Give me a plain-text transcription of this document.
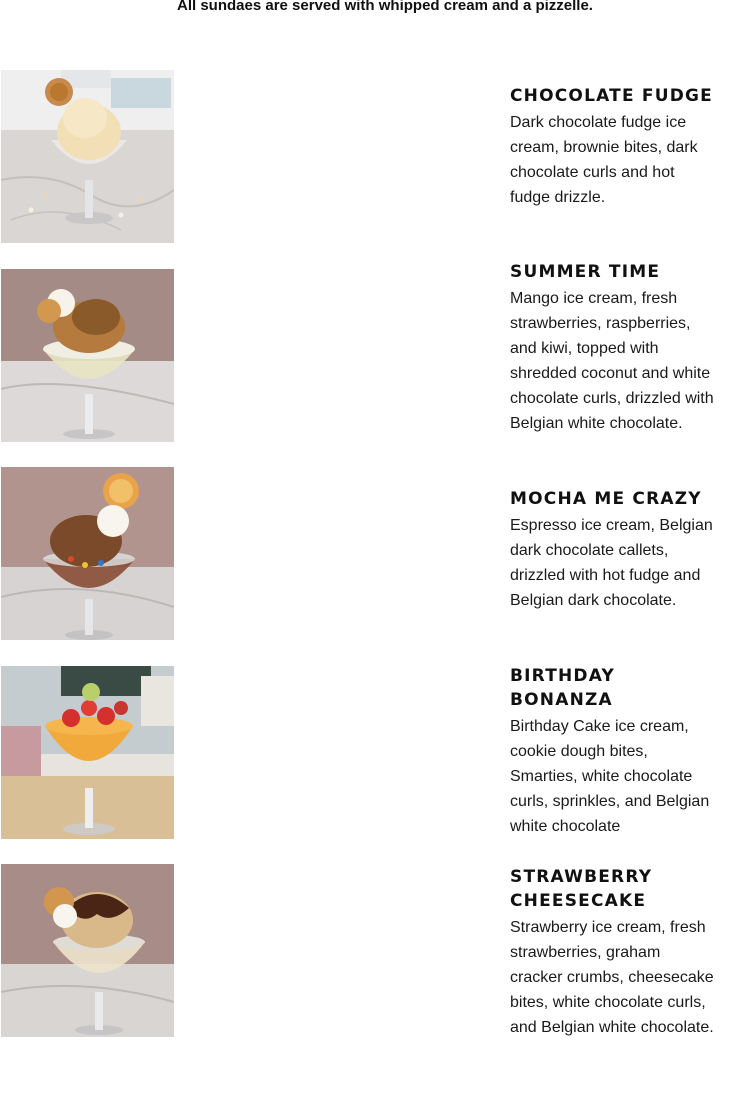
All sundaes are served with whipped cream and a pizzelle.
CHOCOLATE FUDGE

Dark chocolate fudge ice cream, brownie bites, dark chocolate curls and hot fudge drizzle.

SUMMER TIME

Mango ice cream, fresh strawberries, raspberries, and kiwi, topped with shredded coconut and white chocolate curls, drizzled with Belgian white chocolate.

MOCHA ME CRAZY

Espresso ice cream, Belgian dark chocolate callets, drizzled with hot fudge and Belgian dark chocolate.

BIRTHDAY BONANZA

Birthday Cake ice cream, cookie dough bites, Smarties, white chocolate curls, sprinkles, and Belgian white chocolate

STRAWBERRY CHEESECAKE

Strawberry ice cream, fresh strawberries, graham cracker crumbs, cheesecake bites, white chocolate curls, and Belgian white chocolate.
